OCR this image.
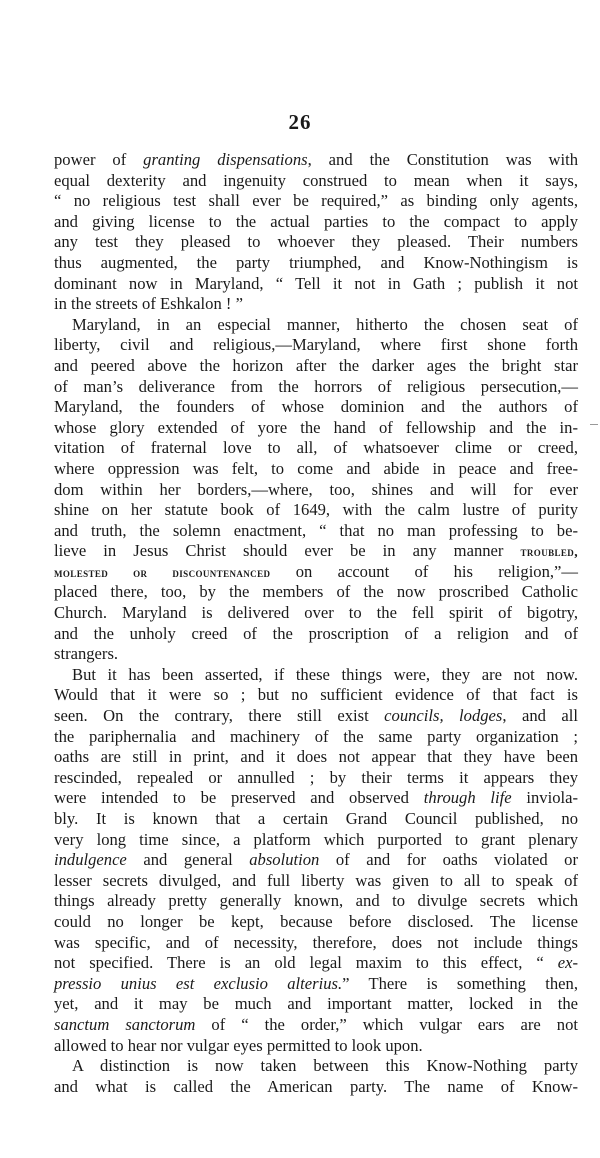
26
power of granting dispensations, and the Constitution was with
equal dexterity and ingenuity construed to mean when it says,
“ no religious test shall ever be required,” as binding only agents,
and giving license to the actual parties to the compact to apply
any test they pleased to whoever they pleased. Their numbers
thus augmented, the party triumphed, and Know-Nothingism is
dominant now in Maryland, “ Tell it not in Gath ; publish it not
in the streets of Eshkalon ! ”
Maryland, in an especial manner, hitherto the chosen seat of
liberty, civil and religious,—Maryland, where first shone forth
and peered above the horizon after the darker ages the bright star
of man’s deliverance from the horrors of religious persecution,—
Maryland, the founders of whose dominion and the authors of
whose glory extended of yore the hand of fellowship and the in-
vitation of fraternal love to all, of whatsoever clime or creed,
where oppression was felt, to come and abide in peace and free-
dom within her borders,—where, too, shines and will for ever
shine on her statute book of 1649, with the calm lustre of purity
and truth, the solemn enactment, “ that no man professing to be-
lieve in Jesus Christ should ever be in any manner troubled,
molested or discountenanced on account of his religion,”—
placed there, too, by the members of the now proscribed Catholic
Church. Maryland is delivered over to the fell spirit of bigotry,
and the unholy creed of the proscription of a religion and of
strangers.
But it has been asserted, if these things were, they are not now.
Would that it were so ; but no sufficient evidence of that fact is
seen. On the contrary, there still exist councils, lodges, and all
the pariphernalia and machinery of the same party organization ;
oaths are still in print, and it does not appear that they have been
rescinded, repealed or annulled ; by their terms it appears they
were intended to be preserved and observed through life inviola-
bly. It is known that a certain Grand Council published, no
very long time since, a platform which purported to grant plenary
indulgence and general absolution of and for oaths violated or
lesser secrets divulged, and full liberty was given to all to speak of
things already pretty generally known, and to divulge secrets which
could no longer be kept, because before disclosed. The license
was specific, and of necessity, therefore, does not include things
not specified. There is an old legal maxim to this effect, “ ex-
pressio unius est exclusio alterius.” There is something then,
yet, and it may be much and important matter, locked in the
sanctum sanctorum of “ the order,” which vulgar ears are not
allowed to hear nor vulgar eyes permitted to look upon.
A distinction is now taken between this Know-Nothing party
and what is called the American party. The name of Know-
